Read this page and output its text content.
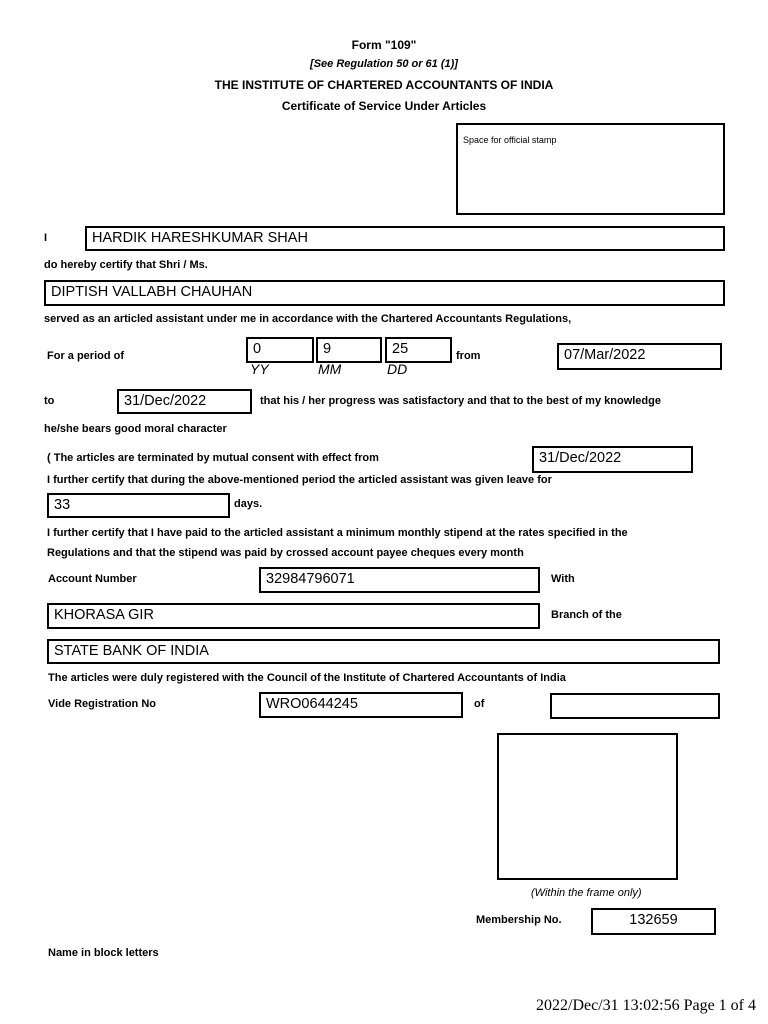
Form "109"
[See Regulation 50 or 61 (1)]
THE INSTITUTE OF CHARTERED ACCOUNTANTS OF INDIA
Certificate of Service Under Articles
Space for official stamp
I	HARDIK HARESHKUMAR SHAH
do hereby certify that Shri / Ms.
DIPTISH VALLABH CHAUHAN
served as an articled assistant under me in accordance with the Chartered Accountants Regulations,
For a period of	0	9	25
YY	MM	DD
from	07/Mar/2022
to	31/Dec/2022	that his / her progress was satisfactory and that to the best of my knowledge
he/she bears good moral character
( The articles are terminated by mutual consent with effect from	31/Dec/2022
I further certify that during the above-mentioned period the articled assistant was given leave for
33	days.
I further certify that I have paid to the articled assistant a minimum monthly stipend at the rates specified in the
Regulations and that the stipend was paid by crossed account payee cheques every month
Account Number	32984796071	With
KHORASA GIR	Branch of the
STATE BANK OF INDIA
The articles were duly registered with the Council of the Institute of Chartered Accountants of India
Vide Registration No	WRO0644245	of
(Within the frame only)
Membership No.	132659
Name in block letters
2022/Dec/31 13:02:56 Page 1 of 4
